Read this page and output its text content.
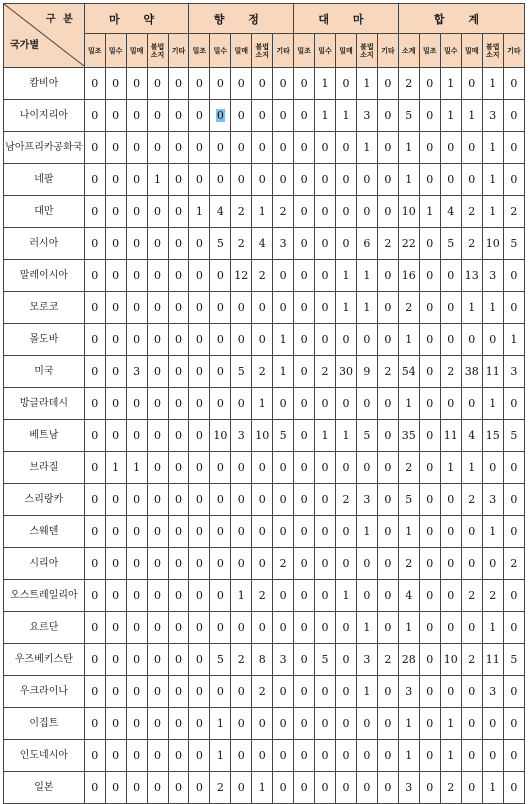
구 분
국가별	마 약					향 정					대 마					합 계					
	밀조	밀수	밀매	불법소지	기타	밀조	밀수	밀매	불법소지	기타	밀조	밀수	밀매	불법소지	기타	소계	밀조	밀수	밀매	불법소지	기타
캄비아	0	0	0	0	0	0	0	0	0	0	0	1	0	1	0	2	0	1	0	1	0
나이지리아	0	0	0	0	0	0	0	0	0	0	0	1	1	3	0	5	0	1	1	3	0
남아프리카공화국	0	0	0	0	0	0	0	0	0	0	0	0	0	1	0	1	0	0	0	1	0
네팔	0	0	0	1	0	0	0	0	0	0	0	0	0	0	0	1	0	0	0	1	0
대만	0	0	0	0	0	1	4	2	1	2	0	0	0	0	0	10	1	4	2	1	2
러시아	0	0	0	0	0	0	5	2	4	3	0	0	0	6	2	22	0	5	2	10	5
말레이시아	0	0	0	0	0	0	0	12	2	0	0	0	1	1	0	16	0	0	13	3	0
모로코	0	0	0	0	0	0	0	0	0	0	0	0	1	1	0	2	0	0	1	1	0
몰도바	0	0	0	0	0	0	0	0	0	1	0	0	0	0	0	1	0	0	0	0	1
미국	0	0	3	0	0	0	0	5	2	1	0	2	30	9	2	54	0	2	38	11	3
방글라데시	0	0	0	0	0	0	0	0	1	0	0	0	0	0	0	1	0	0	0	1	0
베트남	0	0	0	0	0	0	10	3	10	5	0	1	1	5	0	35	0	11	4	15	5
브라질	0	1	1	0	0	0	0	0	0	0	0	0	0	0	0	2	0	1	1	0	0
스리랑카	0	0	0	0	0	0	0	0	0	0	0	0	2	3	0	5	0	0	2	3	0
스웨덴	0	0	0	0	0	0	0	0	0	0	0	0	0	1	0	1	0	0	0	1	0
시리아	0	0	0	0	0	0	0	0	0	2	0	0	0	0	0	2	0	0	0	0	2
오스트레일리아	0	0	0	0	0	0	0	1	2	0	0	0	1	0	0	4	0	0	2	2	0
요르단	0	0	0	0	0	0	0	0	0	0	0	0	0	1	0	1	0	0	0	1	0
우즈베키스탄	0	0	0	0	0	0	5	2	8	3	0	5	0	3	2	28	0	10	2	11	5
우크라이나	0	0	0	0	0	0	0	0	2	0	0	0	0	1	0	3	0	0	0	3	0
이집트	0	0	0	0	0	0	1	0	0	0	0	0	0	0	0	1	0	1	0	0	0
인도네시아	0	0	0	0	0	0	1	0	0	0	0	0	0	0	0	1	0	1	0	0	0
일본	0	0	0	0	0	0	2	0	1	0	0	0	0	0	0	3	0	2	0	1	0
